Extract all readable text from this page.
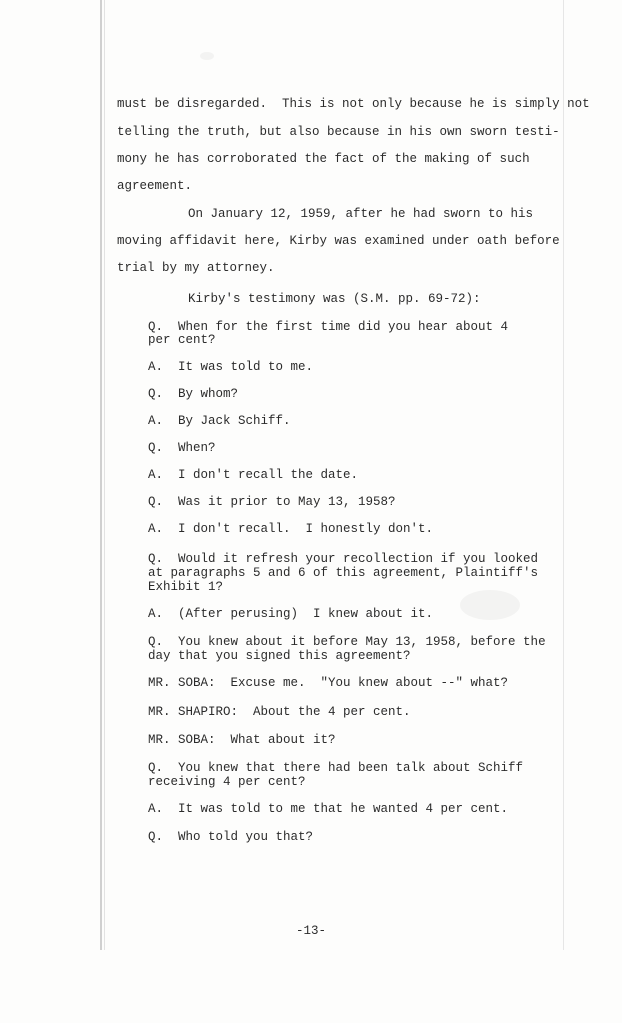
must be disregarded.  This is not only because he is simply not
telling the truth, but also because in his own sworn testi-
mony he has corroborated the fact of the making of such
agreement.
On January 12, 1959, after he had sworn to his
moving affidavit here, Kirby was examined under oath before
trial by my attorney.
Kirby's testimony was (S.M. pp. 69-72):
Q.  When for the first time did you hear about 4
per cent?
A.  It was told to me.
Q.  By whom?
A.  By Jack Schiff.
Q.  When?
A.  I don't recall the date.
Q.  Was it prior to May 13, 1958?
A.  I don't recall.  I honestly don't.
Q.  Would it refresh your recollection if you looked
at paragraphs 5 and 6 of this agreement, Plaintiff's
Exhibit 1?
A.  (After perusing)  I knew about it.
Q.  You knew about it before May 13, 1958, before the
day that you signed this agreement?
MR. SOBA:  Excuse me.  "You knew about --" what?
MR. SHAPIRO:  About the 4 per cent.
MR. SOBA:  What about it?
Q.  You knew that there had been talk about Schiff
receiving 4 per cent?
A.  It was told to me that he wanted 4 per cent.
Q.  Who told you that?
-13-
